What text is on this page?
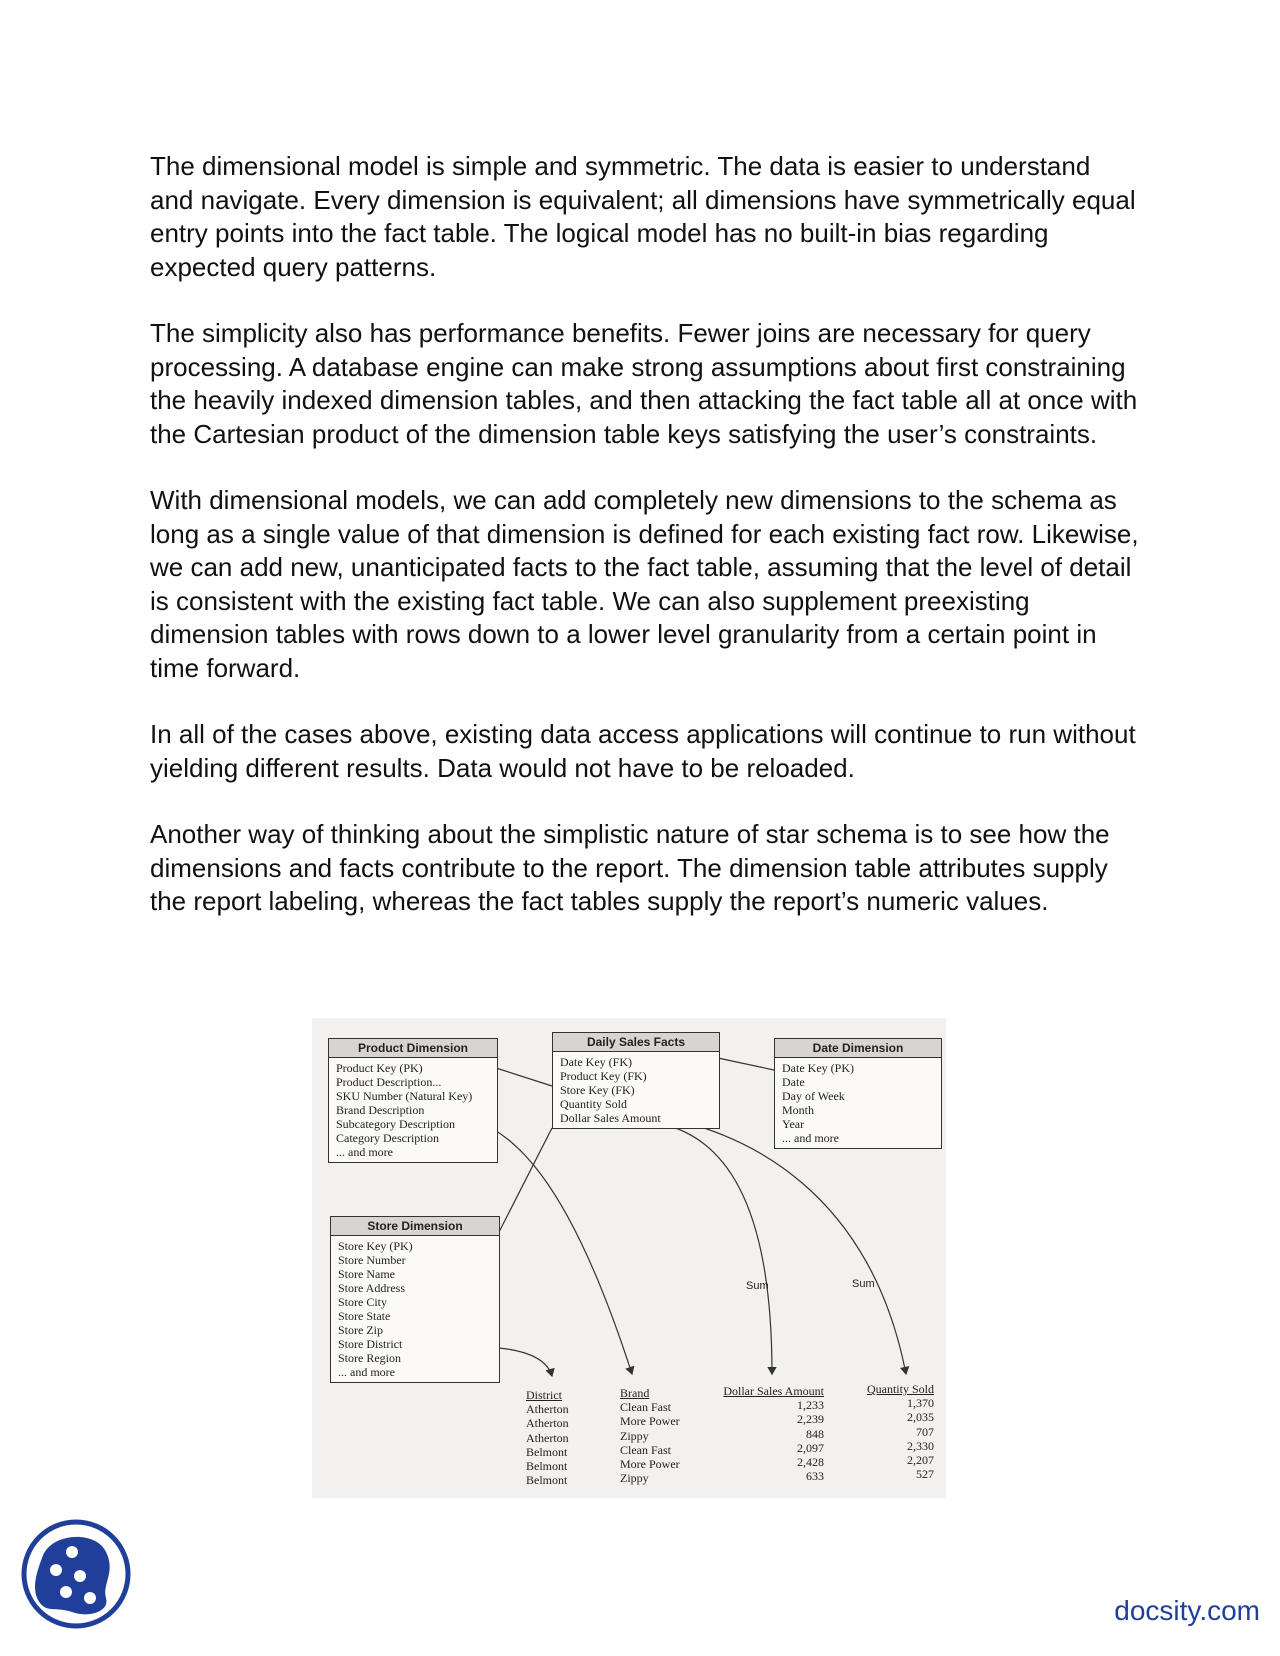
The dimensional model is simple and symmetric. The data is easier to understand and navigate. Every dimension is equivalent; all dimensions have symmetrically equal entry points into the fact table. The logical model has no built-in bias regarding expected query patterns.

The simplicity also has performance benefits. Fewer joins are necessary for query processing. A database engine can make strong assumptions about first constraining the heavily indexed dimension tables, and then attacking the fact table all at once with the Cartesian product of the dimension table keys satisfying the user’s constraints.

With dimensional models, we can add completely new dimensions to the schema as long as a single value of that dimension is defined for each existing fact row. Likewise, we can add new, unanticipated facts to the fact table, assuming that the level of detail is consistent with the existing fact table. We can also supplement preexisting dimension tables with rows down to a lower level granularity from a certain point in time forward.

In all of the cases above, existing data access applications will continue to run without yielding different results. Data would not have to be reloaded.

Another way of thinking about the simplistic nature of star schema is to see how the dimensions and facts contribute to the report. The dimension table attributes supply the report labeling, whereas the fact tables supply the report’s numeric values.

Product Dimension
Product Key (PK)
Product Description...
SKU Number (Natural Key)
Brand Description
Subcategory Description
Category Description
... and more
Daily Sales Facts
Date Key (FK)
Product Key (FK)
Store Key (FK)
Quantity Sold
Dollar Sales Amount
Date Dimension
Date Key (PK)
Date
Day of Week
Month
Year
... and more
Store Dimension
Store Key (PK)
Store Number
Store Name
Store Address
Store City
Store State
Store Zip
Store District
Store Region
... and more
Sum	Sum
District
Atherton
Atherton
Atherton
Belmont
Belmont
Belmont
Brand
Clean Fast
More Power
Zippy
Clean Fast
More Power
Zippy
Dollar Sales Amount
1,233
2,239
848
2,097
2,428
633
Quantity Sold
1,370
2,035
707
2,330
2,207
527
docsity.com
